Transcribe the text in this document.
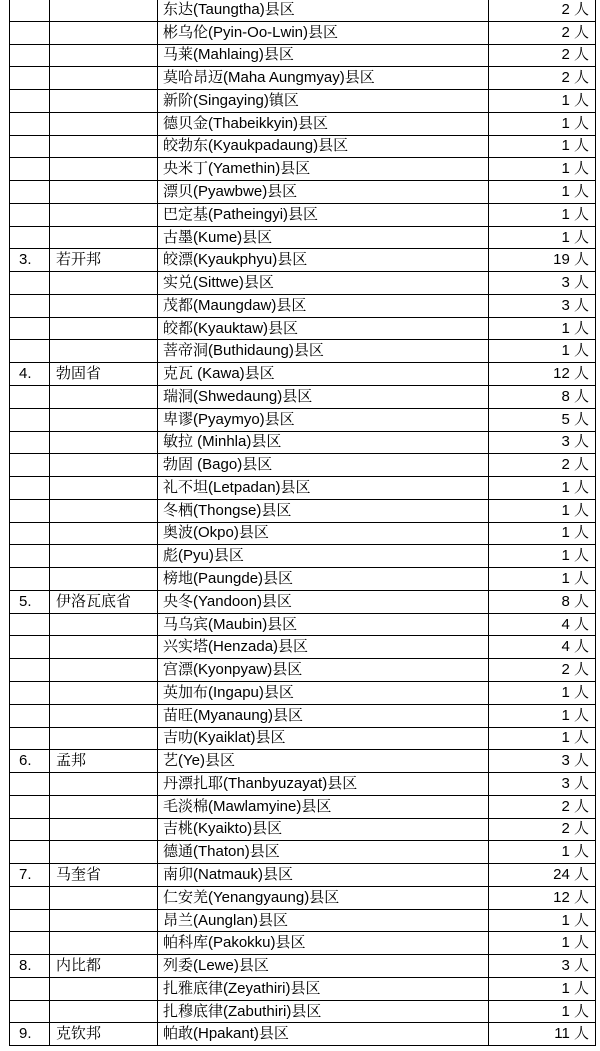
		东达(Taungtha)县区	2 人
		彬乌伦(Pyin-Oo-Lwin)县区	2 人
		马莱(Mahlaing)县区	2 人
		莫哈昂迈(Maha Aungmyay)县区	2 人
		新阶(Singaying)镇区	1 人
		德贝金(Thabeikkyin)县区	1 人
		皎勃东(Kyaukpadaung)县区	1 人
		央米丁(Yamethin)县区	1 人
		漂贝(Pyawbwe)县区	1 人
		巴定基(Patheingyi)县区	1 人
		古墨(Kume)县区	1 人
3.	若开邦	皎漂(Kyaukphyu)县区	19 人
		实兑(Sittwe)县区	3 人
		茂都(Maungdaw)县区	3 人
		皎都(Kyauktaw)县区	1 人
		菩帝洞(Buthidaung)县区	1 人
4.	勃固省	克瓦 (Kawa)县区	12 人
		瑞洞(Shwedaung)县区	8 人
		卑谬(Pyaymyo)县区	5 人
		敏拉 (Minhla)县区	3 人
		勃固 (Bago)县区	2 人
		礼不坦(Letpadan)县区	1 人
		冬栖(Thongse)县区	1 人
		奥波(Okpo)县区	1 人
		彪(Pyu)县区	1 人
		榜地(Paungde)县区	1 人
5.	伊洛瓦底省	央冬(Yandoon)县区	8 人
		马乌宾(Maubin)县区	4 人
		兴实塔(Henzada)县区	4 人
		宫漂(Kyonpyaw)县区	2 人
		英加布(Ingapu)县区	1 人
		苗旺(Myanaung)县区	1 人
		吉叻(Kyaiklat)县区	1 人
6.	孟邦	艺(Ye)县区	3 人
		丹漂扎耶(Thanbyuzayat)县区	3 人
		毛淡棉(Mawlamyine)县区	2 人
		吉桃(Kyaikto)县区	2 人
		德通(Thaton)县区	1 人
7.	马奎省	南卯(Natmauk)县区	24 人
		仁安羌(Yenangyaung)县区	12 人
		昂兰(Aunglan)县区	1 人
		帕科库(Pakokku)县区	1 人
8.	内比都	列委(Lewe)县区	3 人
		扎雅底律(Zeyathiri)县区	1 人
		扎穆底律(Zabuthiri)县区	1 人
9.	克钦邦	帕敢(Hpakant)县区	11 人
